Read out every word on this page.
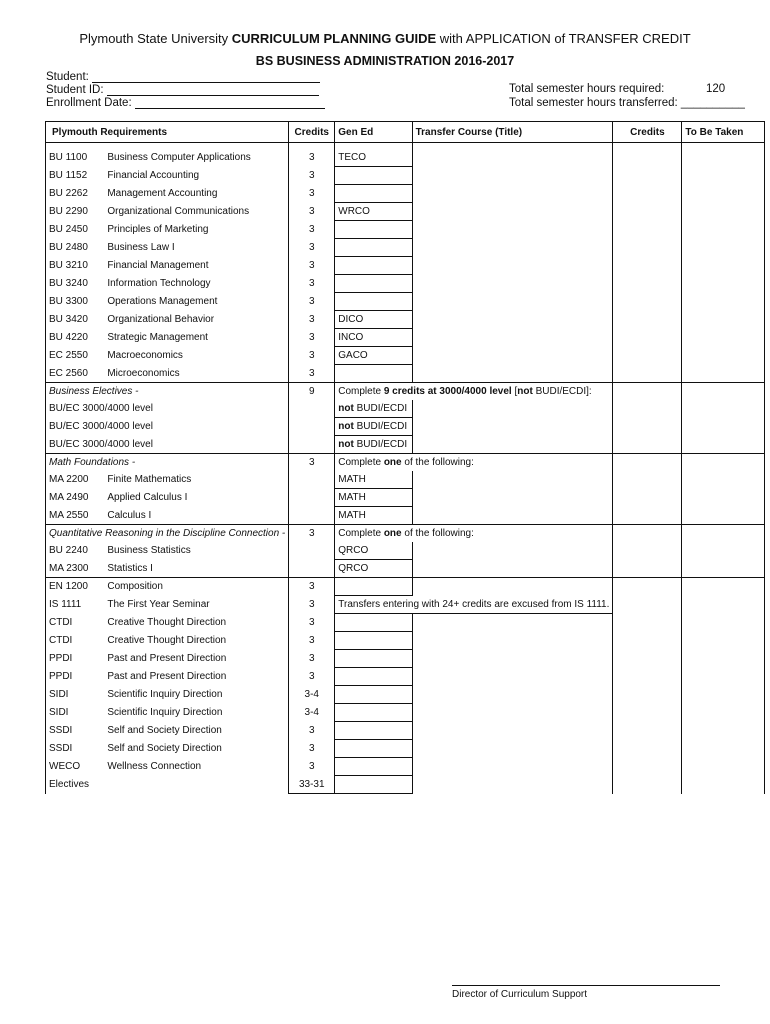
Plymouth State University CURRICULUM PLANNING GUIDE with APPLICATION of TRANSFER CREDIT
BS BUSINESS ADMINISTRATION 2016-2017
Student:
Student ID:
Enrollment Date:
Total semester hours required:	120
Total semester hours transferred: __________
Plymouth Requirements		Credits	Gen Ed	Transfer Course (Title)	Credits	To Be Taken

BU 1100	Business Computer Applications	3	TECO			
BU 1152	Financial Accounting	3				
BU 2262	Management Accounting	3				
BU 2290	Organizational Communications	3	WRCO			
BU 2450	Principles of Marketing	3				
BU 2480	Business Law I	3				
BU 3210	Financial Management	3				
BU 3240	Information Technology	3				
BU 3300	Operations Management	3				
BU 3420	Organizational Behavior	3	DICO			
BU 4220	Strategic Management	3	INCO			
EC 2550	Macroeconomics	3	GACO			
EC 2560	Microeconomics	3				
Business Electives -		9	Complete 9 credits at 3000/4000 level [not BUDI/ECDI]:			
BU/EC 3000/4000 level			not BUDI/ECDI			
BU/EC 3000/4000 level			not BUDI/ECDI			
BU/EC 3000/4000 level			not BUDI/ECDI			
Math Foundations -		3	Complete one of the following:			
MA 2200	Finite Mathematics		MATH			
MA 2490	Applied Calculus I		MATH			
MA 2550	Calculus I		MATH			
Quantitative Reasoning in the Discipline Connection -		3	Complete one of the following:			
BU 2240	Business Statistics		QRCO			
MA 2300	Statistics I		QRCO			
EN 1200	Composition	3				
IS 1111	The First Year Seminar	3	Transfers entering with 24+ credits are excused from IS 1111.			
CTDI	Creative Thought Direction	3				
CTDI	Creative Thought Direction	3				
PPDI	Past and Present Direction	3				
PPDI	Past and Present Direction	3				
SIDI	Scientific Inquiry Direction	3-4				
SIDI	Scientific Inquiry Direction	3-4				
SSDI	Self and Society Direction	3				
SSDI	Self and Society Direction	3				
WECO	Wellness Connection	3				
Electives		33-31				
Director of Curriculum Support
